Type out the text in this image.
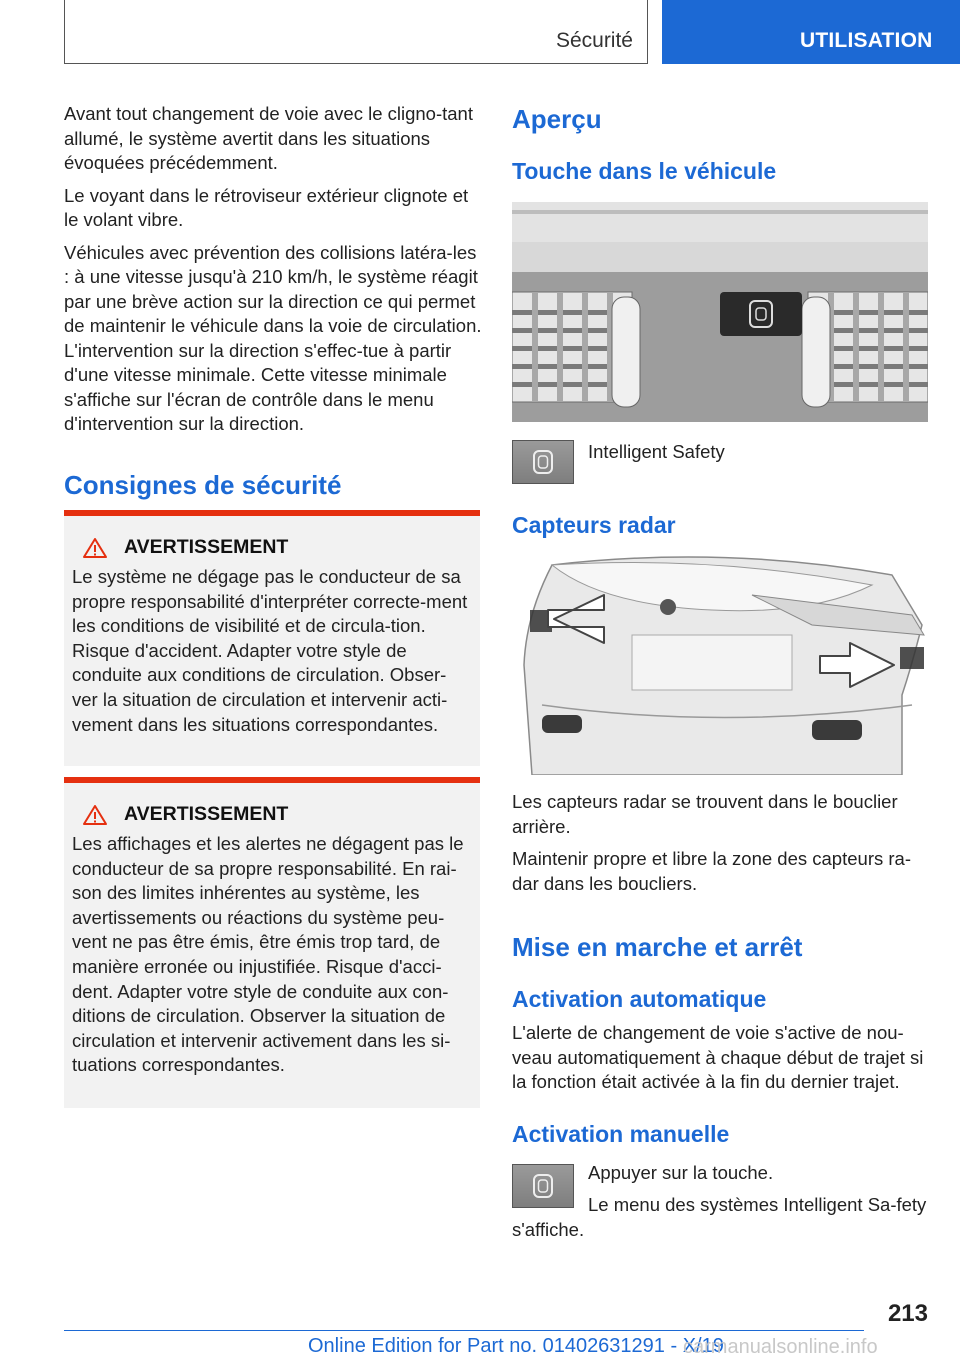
Sécurité	UTILISATION

Avant tout changement de voie avec le cligno-tant allumé, le système avertit dans les situations évoquées précédemment.

Le voyant dans le rétroviseur extérieur clignote et le volant vibre.

Véhicules avec prévention des collisions latéra-les : à une vitesse jusqu'à 210 km/h, le système réagit par une brève action sur la direction ce qui permet de maintenir le véhicule dans la voie de circulation. L'intervention sur la direction s'effec-tue à partir d'une vitesse minimale. Cette vitesse minimale s'affiche sur l'écran de contrôle dans le menu d'intervention sur la direction.

Consignes de sécurité
AVERTISSEMENT

Le système ne dégage pas le conducteur de sa propre responsabilité d'interpréter correcte-ment les conditions de visibilité et de circula-tion. Risque d'accident. Adapter votre style de conduite aux conditions de circulation. Obser-ver la situation de circulation et intervenir acti-vement dans les situations correspondantes.

AVERTISSEMENT

Les affichages et les alertes ne dégagent pas le conducteur de sa propre responsabilité. En rai-son des limites inhérentes au système, les avertissements ou réactions du système peu-vent ne pas être émis, être émis trop tard, de manière erronée ou injustifiée. Risque d'acci-dent. Adapter votre style de conduite aux con-ditions de circulation. Observer la situation de circulation et intervenir activement dans les si-tuations correspondantes.

Aperçu
Touche dans le véhicule
Intelligent Safety
Capteurs radar

Les capteurs radar se trouvent dans le bouclier arrière.

Maintenir propre et libre la zone des capteurs ra-dar dans les boucliers.

Mise en marche et arrêt
Activation automatique

L'alerte de changement de voie s'active de nou-veau automatiquement à chaque début de trajet si la fonction était activée à la fin du dernier trajet.

Activation manuelle

Appuyer sur la touche.

Le menu des systèmes Intelligent Sa-fety s'affiche.

213
Online Edition for Part no. 01402631291 - X/19
carmanualsonline.info
